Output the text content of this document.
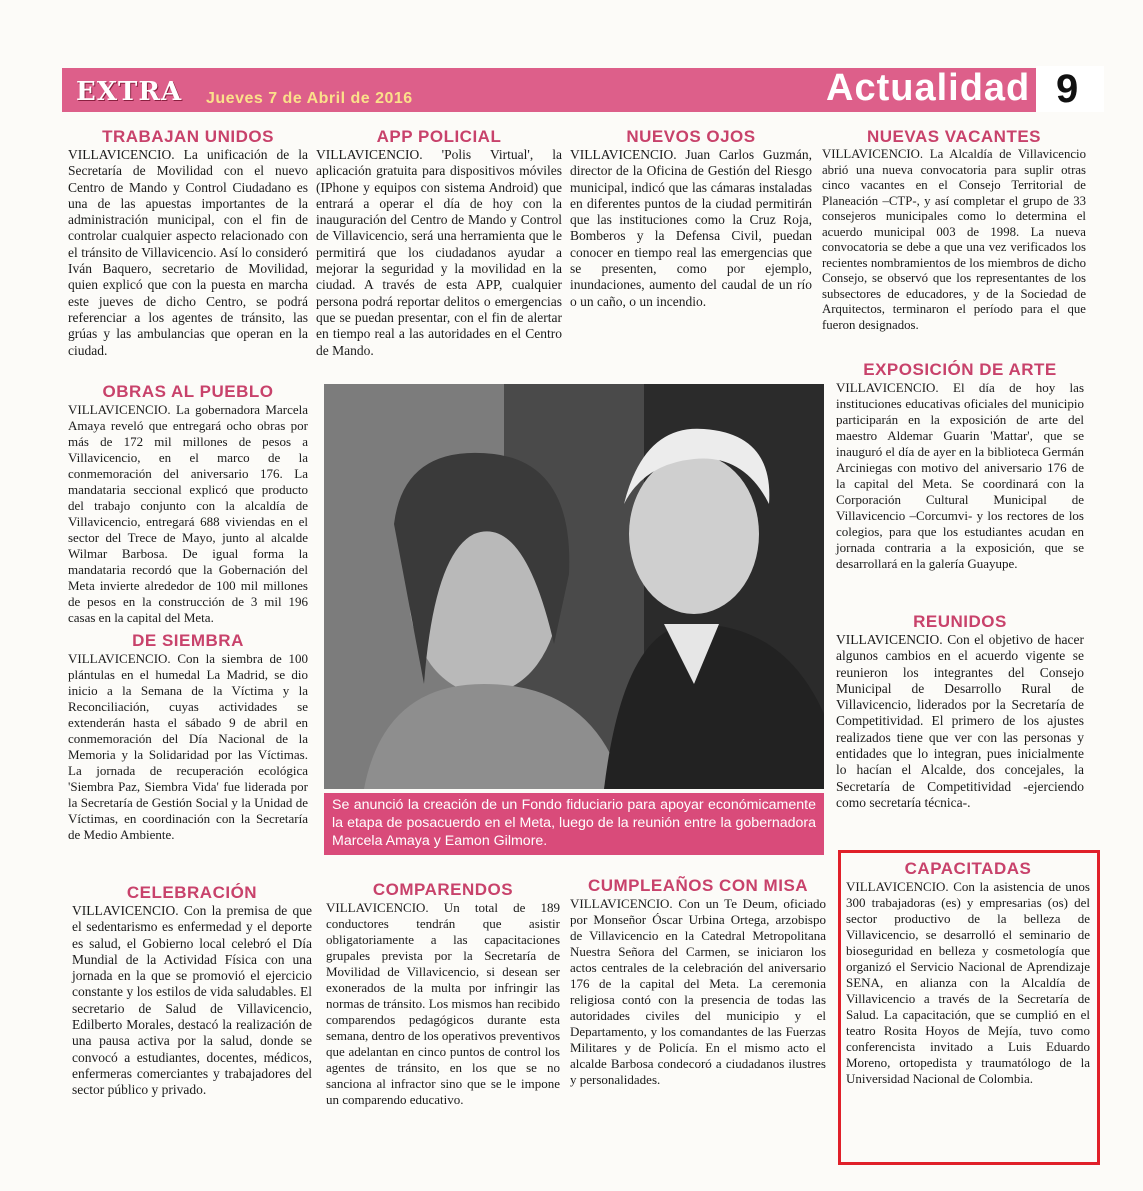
EXTRA	Jueves 7 de Abril de 2016	Actualidad 9
TRABAJAN UNIDOS

VILLAVICENCIO. La unificación de la Secretaría de Movilidad con el nuevo Centro de Mando y Control Ciudadano es una de las apuestas importantes de la administración municipal, con el fin de controlar cualquier aspecto relacionado con el tránsito de Villavicencio. Así lo consideró Iván Baquero, secretario de Movilidad, quien explicó que con la puesta en marcha este jueves de dicho Centro, se podrá referenciar a los agentes de tránsito, las grúas y las ambulancias que operan en la ciudad.

APP POLICIAL

VILLAVICENCIO. 'Polis Virtual', la aplicación gratuita para dispositivos móviles (IPhone y equipos con sistema Android) que entrará a operar el día de hoy con la inauguración del Centro de Mando y Control de Villavicencio, será una herramienta que le permitirá que los ciudadanos ayudar a mejorar la seguridad y la movilidad en la ciudad. A través de esta APP, cualquier persona podrá reportar delitos o emergencias que se puedan presentar, con el fin de alertar en tiempo real a las autoridades en el Centro de Mando.

NUEVOS OJOS

VILLAVICENCIO. Juan Carlos Guzmán, director de la Oficina de Gestión del Riesgo municipal, indicó que las cámaras instaladas en diferentes puntos de la ciudad permitirán que las instituciones como la Cruz Roja, Bomberos y la Defensa Civil, puedan conocer en tiempo real las emergencias que se presenten, como por ejemplo, inundaciones, aumento del caudal de un río o un caño, o un incendio.

NUEVAS VACANTES

VILLAVICENCIO. La Alcaldía de Villavicencio abrió una nueva convocatoria para suplir otras cinco vacantes en el Consejo Territorial de Planeación –CTP-, y así completar el grupo de 33 consejeros municipales como lo determina el acuerdo municipal 003 de 1998. La nueva convocatoria se debe a que una vez verificados los recientes nombramientos de los miembros de dicho Consejo, se observó que los representantes de los subsectores de educadores, y de la Sociedad de Arquitectos, terminaron el período para el que fueron designados.

OBRAS AL PUEBLO

VILLAVICENCIO. La gobernadora Marcela Amaya reveló que entregará ocho obras por más de 172 mil millones de pesos a Villavicencio, en el marco de la conmemoración del aniversario 176. La mandataria seccional explicó que producto del trabajo conjunto con la alcaldía de Villavicencio, entregará 688 viviendas en el sector del Trece de Mayo, junto al alcalde Wilmar Barbosa. De igual forma la mandataria recordó que la Gobernación del Meta invierte alrededor de 100 mil millones de pesos en la construcción de 3 mil 196 casas en la capital del Meta.

DE SIEMBRA

VILLAVICENCIO. Con la siembra de 100 plántulas en el humedal La Madrid, se dio inicio a la Semana de la Víctima y la Reconciliación, cuyas actividades se extenderán hasta el sábado 9 de abril en conmemoración del Día Nacional de la Memoria y la Solidaridad por las Víctimas. La jornada de recuperación ecológica 'Siembra Paz, Siembra Vida' fue liderada por la Secretaría de Gestión Social y la Unidad de Víctimas, en coordinación con la Secretaría de Medio Ambiente.

Se anunció la creación de un Fondo fiduciario para apoyar económicamente la etapa de posacuerdo en el Meta, luego de la reunión entre la gobernadora Marcela Amaya y Eamon Gilmore.
EXPOSICIÓN DE ARTE

VILLAVICENCIO. El día de hoy las instituciones educativas oficiales del municipio participarán en la exposición de arte del maestro Aldemar Guarin 'Mattar', que se inauguró el día de ayer en la biblioteca Germán Arciniegas con motivo del aniversario 176 de la capital del Meta. Se coordinará con la Corporación Cultural Municipal de Villavicencio –Corcumvi- y los rectores de los colegios, para que los estudiantes acudan en jornada contraria a la exposición, que se desarrollará en la galería Guayupe.

REUNIDOS

VILLAVICENCIO. Con el objetivo de hacer algunos cambios en el acuerdo vigente se reunieron los integrantes del Consejo Municipal de Desarrollo Rural de Villavicencio, liderados por la Secretaría de Competitividad. El primero de los ajustes realizados tiene que ver con las personas y entidades que lo integran, pues inicialmente lo hacían el Alcalde, dos concejales, la Secretaría de Competitividad -ejerciendo como secretaría técnica-.

CELEBRACIÓN

VILLAVICENCIO. Con la premisa de que el sedentarismo es enfermedad y el deporte es salud, el Gobierno local celebró el Día Mundial de la Actividad Física con una jornada en la que se promovió el ejercicio constante y los estilos de vida saludables. El secretario de Salud de Villavicencio, Edilberto Morales, destacó la realización de una pausa activa por la salud, donde se convocó a estudiantes, docentes, médicos, enfermeras comerciantes y trabajadores del sector público y privado.

COMPARENDOS

VILLAVICENCIO. Un total de 189 conductores tendrán que asistir obligatoriamente a las capacitaciones grupales prevista por la Secretaría de Movilidad de Villavicencio, si desean ser exonerados de la multa por infringir las normas de tránsito. Los mismos han recibido comparendos pedagógicos durante esta semana, dentro de los operativos preventivos que adelantan en cinco puntos de control los agentes de tránsito, en los que se no sanciona al infractor sino que se le impone un comparendo educativo.

CUMPLEAÑOS CON MISA

VILLAVICENCIO. Con un Te Deum, oficiado por Monseñor Óscar Urbina Ortega, arzobispo de Villavicencio en la Catedral Metropolitana Nuestra Señora del Carmen, se iniciaron los actos centrales de la celebración del aniversario 176 de la capital del Meta. La ceremonia religiosa contó con la presencia de todas las autoridades civiles del municipio y el Departamento, y los comandantes de las Fuerzas Militares y de Policía. En el mismo acto el alcalde Barbosa condecoró a ciudadanos ilustres y personalidades.

CAPACITADAS

VILLAVICENCIO. Con la asistencia de unos 300 trabajadoras (es) y empresarias (os) del sector productivo de la belleza de Villavicencio, se desarrolló el seminario de bioseguridad en belleza y cosmetología que organizó el Servicio Nacional de Aprendizaje SENA, en alianza con la Alcaldía de Villavicencio a través de la Secretaría de Salud. La capacitación, que se cumplió en el teatro Rosita Hoyos de Mejía, tuvo como conferencista invitado a Luis Eduardo Moreno, ortopedista y traumatólogo de la Universidad Nacional de Colombia.
